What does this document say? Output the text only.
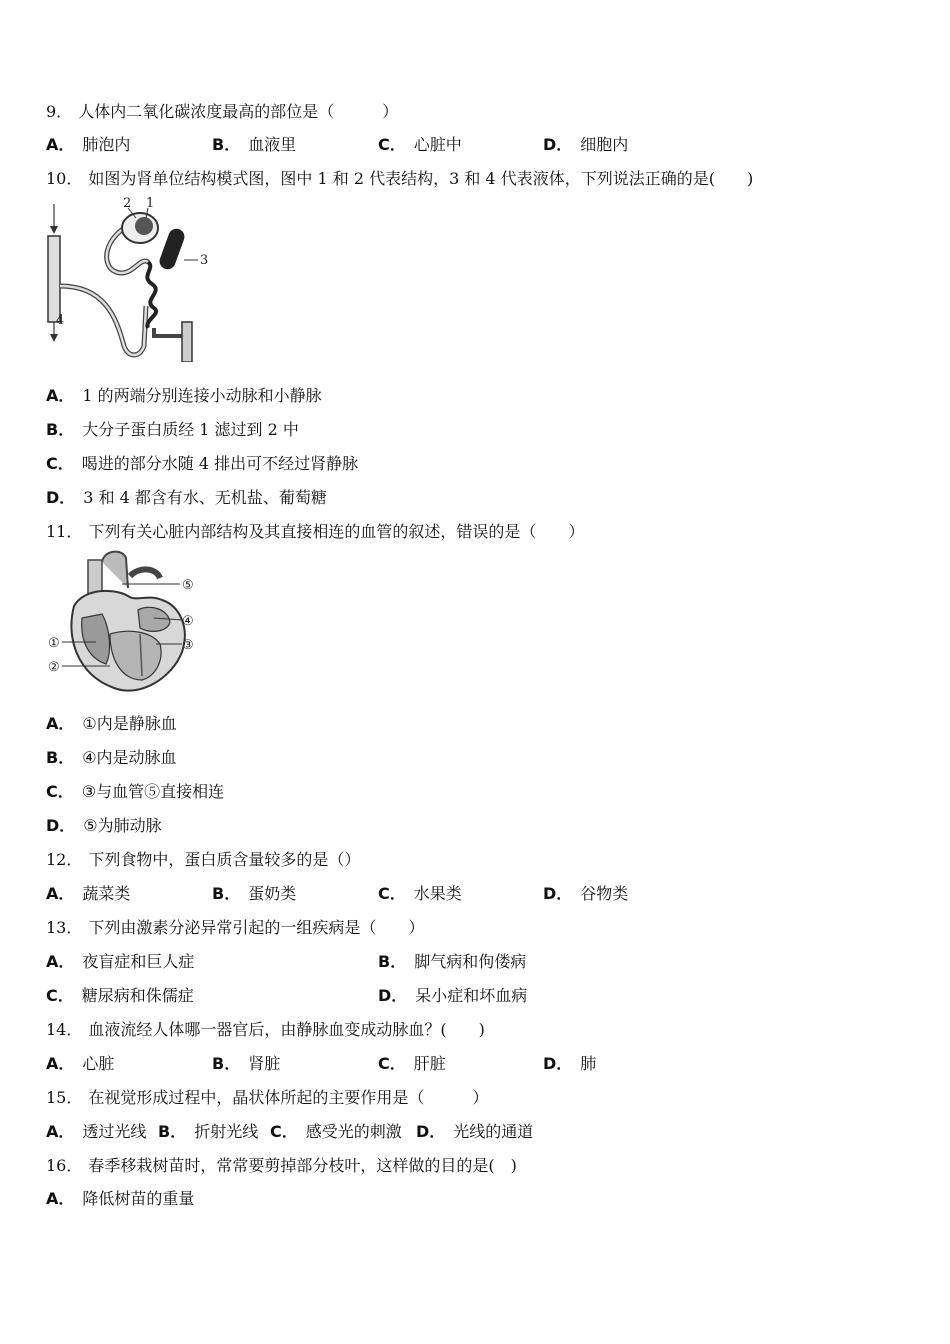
9． 人体内二氧化碳浓度最高的部位是（　　　）
A． 肺泡内	B． 血液里	C． 心脏中	D． 细胞内
10． 如图为肾单位结构模式图，图中 1 和 2 代表结构，3 和 4 代表液体，下列说法正确的是(　　)
2 1
3
4
A． 1 的两端分别连接小动脉和小静脉
B． 大分子蛋白质经 1 滤过到 2 中
C． 喝进的部分水随 4 排出可不经过肾静脉
D． 3 和 4 都含有水、无机盐、葡萄糖
11． 下列有关心脏内部结构及其直接相连的血管的叙述，错误的是（　　）
⑤
④
③
①
②
A． ①内是静脉血
B． ④内是动脉血
C． ③与血管⑤直接相连
D． ⑤为肺动脉
12． 下列食物中，蛋白质含量较多的是（）
A． 蔬菜类	B． 蛋奶类	C． 水果类	D． 谷物类
13． 下列由激素分泌异常引起的一组疾病是（　　）
A． 夜盲症和巨人症	B． 脚气病和佝偻病
C． 糖尿病和侏儒症	D． 呆小症和坏血病
14． 血液流经人体哪一器官后，由静脉血变成动脉血？(　　)
A． 心脏	B． 肾脏	C． 肝脏	D． 肺
15． 在视觉形成过程中，晶状体所起的主要作用是（　　　）
A． 透过光线 B． 折射光线 C． 感受光的刺激 D． 光线的通道
16． 春季移栽树苗时，常常要剪掉部分枝叶，这样做的目的是(　)
A． 降低树苗的重量
